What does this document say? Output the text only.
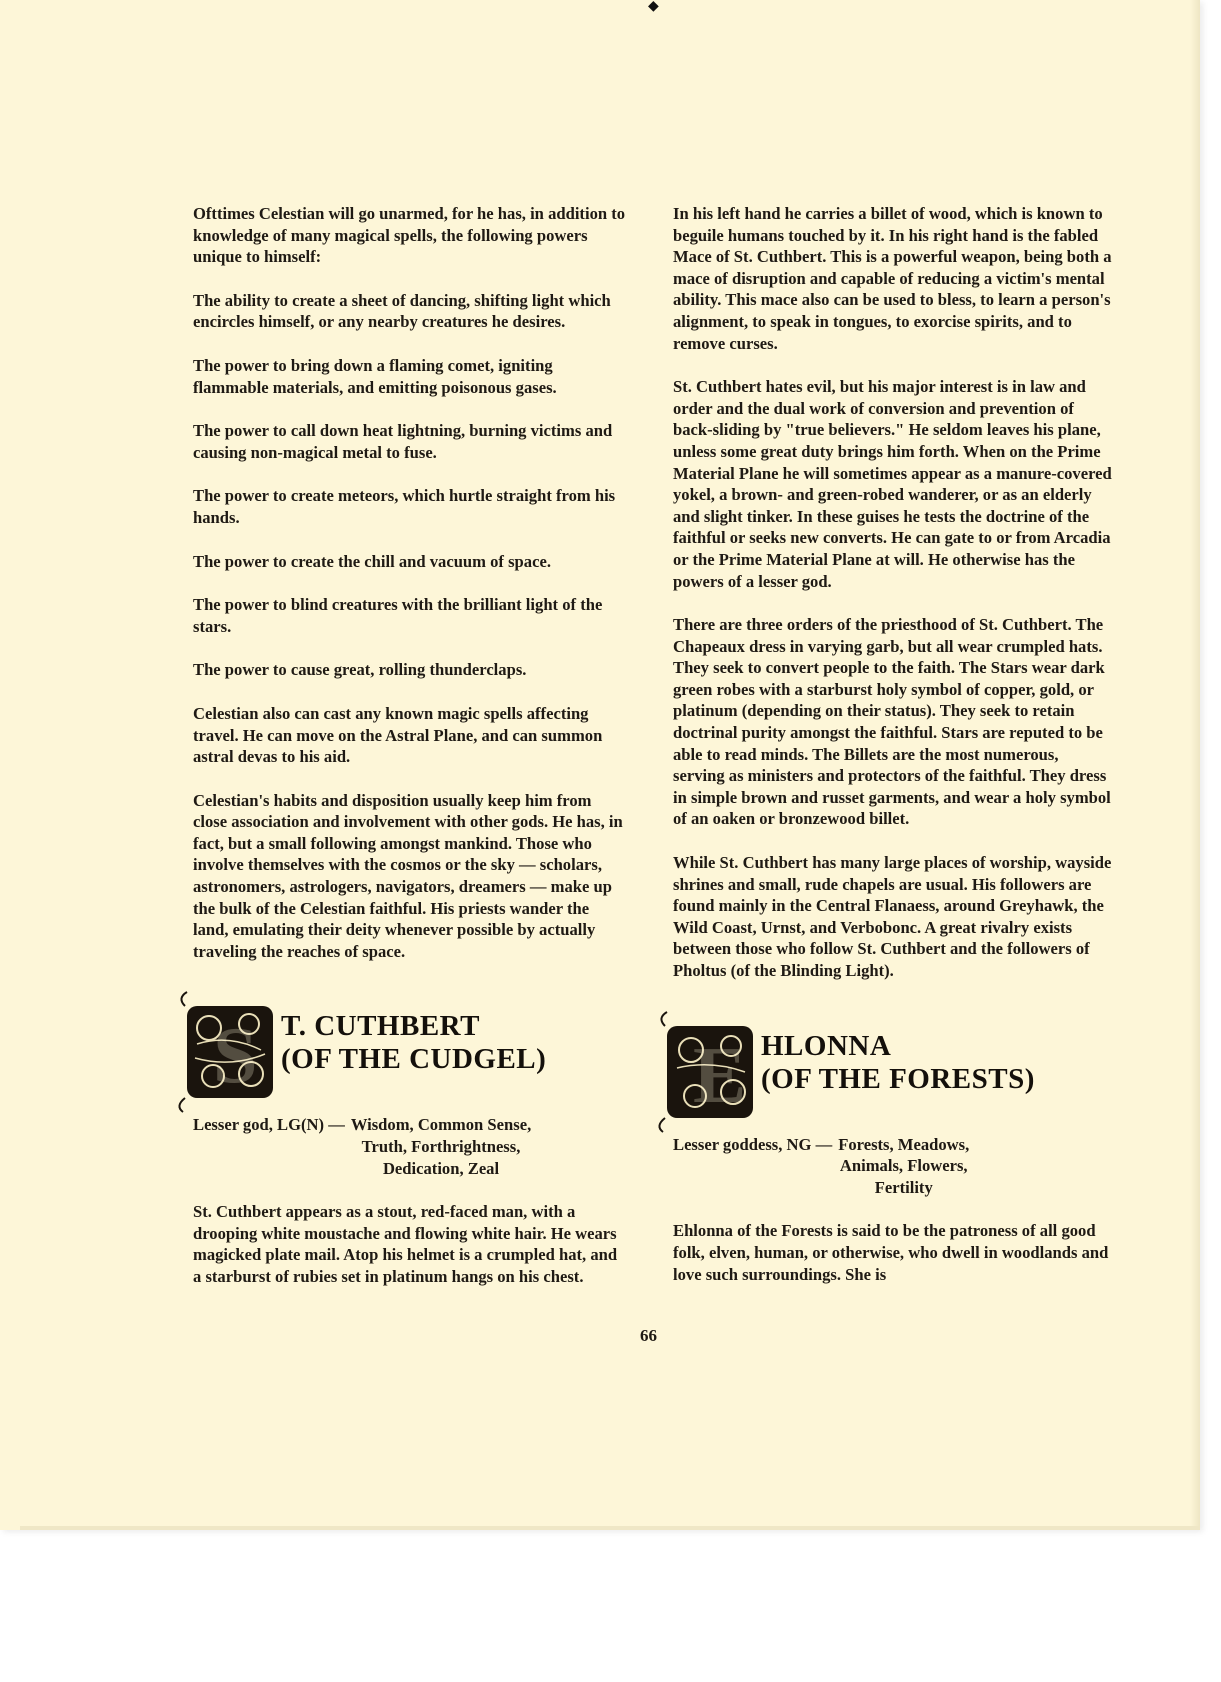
◆

Ofttimes Celestian will go unarmed, for he has, in addition to knowledge of many magical spells, the following powers unique to himself:

The ability to create a sheet of dancing, shifting light which encircles himself, or any nearby creatures he desires.

The power to bring down a flaming comet, igniting flammable materials, and emitting poisonous gases.

The power to call down heat lightning, burning victims and causing non-magical metal to fuse.

The power to create meteors, which hurtle straight from his hands.

The power to create the chill and vacuum of space.

The power to blind creatures with the brilliant light of the stars.

The power to cause great, rolling thunderclaps.

Celestian also can cast any known magic spells affecting travel. He can move on the Astral Plane, and can summon astral devas to his aid.

Celestian's habits and disposition usually keep him from close association and involvement with other gods. He has, in fact, but a small following amongst mankind. Those who involve themselves with the cosmos or the sky — scholars, astronomers, astrologers, navigators, dreamers — make up the bulk of the Celestian faithful. His priests wander the land, emulating their deity whenever possible by actually traveling the reaches of space.

S T. CUTHBERT
(OF THE CUDGEL)
Lesser god, LG(N) — Wisdom, Common Sense,
Truth, Forthrightness,
Dedication, Zeal

St. Cuthbert appears as a stout, red-faced man, with a drooping white moustache and flowing white hair. He wears magicked plate mail. Atop his helmet is a crumpled hat, and a starburst of rubies set in platinum hangs on his chest.

In his left hand he carries a billet of wood, which is known to beguile humans touched by it. In his right hand is the fabled Mace of St. Cuthbert. This is a powerful weapon, being both a mace of disruption and capable of reducing a victim's mental ability. This mace also can be used to bless, to learn a person's alignment, to speak in tongues, to exorcise spirits, and to remove curses.

St. Cuthbert hates evil, but his major interest is in law and order and the dual work of conversion and prevention of back-sliding by "true believers." He seldom leaves his plane, unless some great duty brings him forth. When on the Prime Material Plane he will sometimes appear as a manure-covered yokel, a brown- and green-robed wanderer, or as an elderly and slight tinker. In these guises he tests the doctrine of the faithful or seeks new converts. He can gate to or from Arcadia or the Prime Material Plane at will. He otherwise has the powers of a lesser god.

There are three orders of the priesthood of St. Cuthbert. The Chapeaux dress in varying garb, but all wear crumpled hats. They seek to convert people to the faith. The Stars wear dark green robes with a starburst holy symbol of copper, gold, or platinum (depending on their status). They seek to retain doctrinal purity amongst the faithful. Stars are reputed to be able to read minds. The Billets are the most numerous, serving as ministers and protectors of the faithful. They dress in simple brown and russet garments, and wear a holy symbol of an oaken or bronzewood billet.

While St. Cuthbert has many large places of worship, wayside shrines and small, rude chapels are usual. His followers are found mainly in the Central Flanaess, around Greyhawk, the Wild Coast, Urnst, and Verbobonc. A great rivalry exists between those who follow St. Cuthbert and the followers of Pholtus (of the Blinding Light).

E HLONNA
(OF THE FORESTS)
Lesser goddess, NG — Forests, Meadows,
Animals, Flowers,
Fertility

Ehlonna of the Forests is said to be the patroness of all good folk, elven, human, or otherwise, who dwell in woodlands and love such surroundings. She is

66
